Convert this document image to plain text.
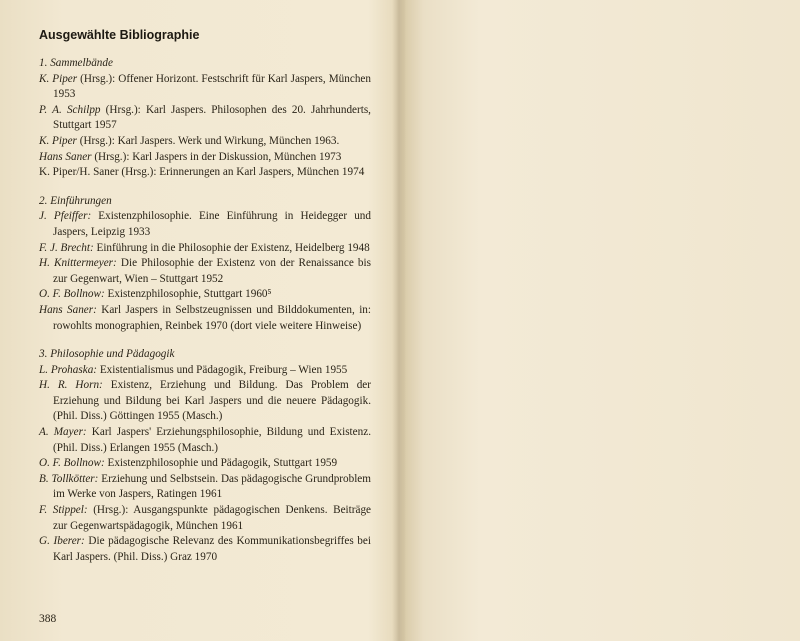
Ausgewählte Bibliographie
1. Sammelbände
K. Piper (Hrsg.): Offener Horizont. Festschrift für Karl Jaspers, München 1953
P. A. Schilpp (Hrsg.): Karl Jaspers. Philosophen des 20. Jahrhunderts, Stuttgart 1957
K. Piper (Hrsg.): Karl Jaspers. Werk und Wirkung, München 1963.
Hans Saner (Hrsg.): Karl Jaspers in der Diskussion, München 1973
K. Piper/H. Saner (Hrsg.): Erinnerungen an Karl Jaspers, München 1974
2. Einführungen
J. Pfeiffer: Existenzphilosophie. Eine Einführung in Heidegger und Jaspers, Leipzig 1933
F. J. Brecht: Einführung in die Philosophie der Existenz, Heidelberg 1948
H. Knittermeyer: Die Philosophie der Existenz von der Renaissance bis zur Gegenwart, Wien – Stuttgart 1952
O. F. Bollnow: Existenzphilosophie, Stuttgart 1960⁵
Hans Saner: Karl Jaspers in Selbstzeugnissen und Bilddokumenten, in: rowohlts monographien, Reinbek 1970 (dort viele weitere Hinweise)
3. Philosophie und Pädagogik
L. Prohaska: Existentialismus und Pädagogik, Freiburg – Wien 1955
H. R. Horn: Existenz, Erziehung und Bildung. Das Problem der Erziehung und Bildung bei Karl Jaspers und die neuere Pädagogik. (Phil. Diss.) Göttingen 1955 (Masch.)
A. Mayer: Karl Jaspers' Erziehungsphilosophie, Bildung und Existenz. (Phil. Diss.) Erlangen 1955 (Masch.)
O. F. Bollnow: Existenzphilosophie und Pädagogik, Stuttgart 1959
B. Tollkötter: Erziehung und Selbstsein. Das pädagogische Grundproblem im Werke von Jaspers, Ratingen 1961
F. Stippel: (Hrsg.): Ausgangspunkte pädagogischen Denkens. Beiträge zur Gegenwartspädagogik, München 1961
G. Iberer: Die pädagogische Relevanz des Kommunikationsbegriffes bei Karl Jaspers. (Phil. Diss.) Graz 1970
388
